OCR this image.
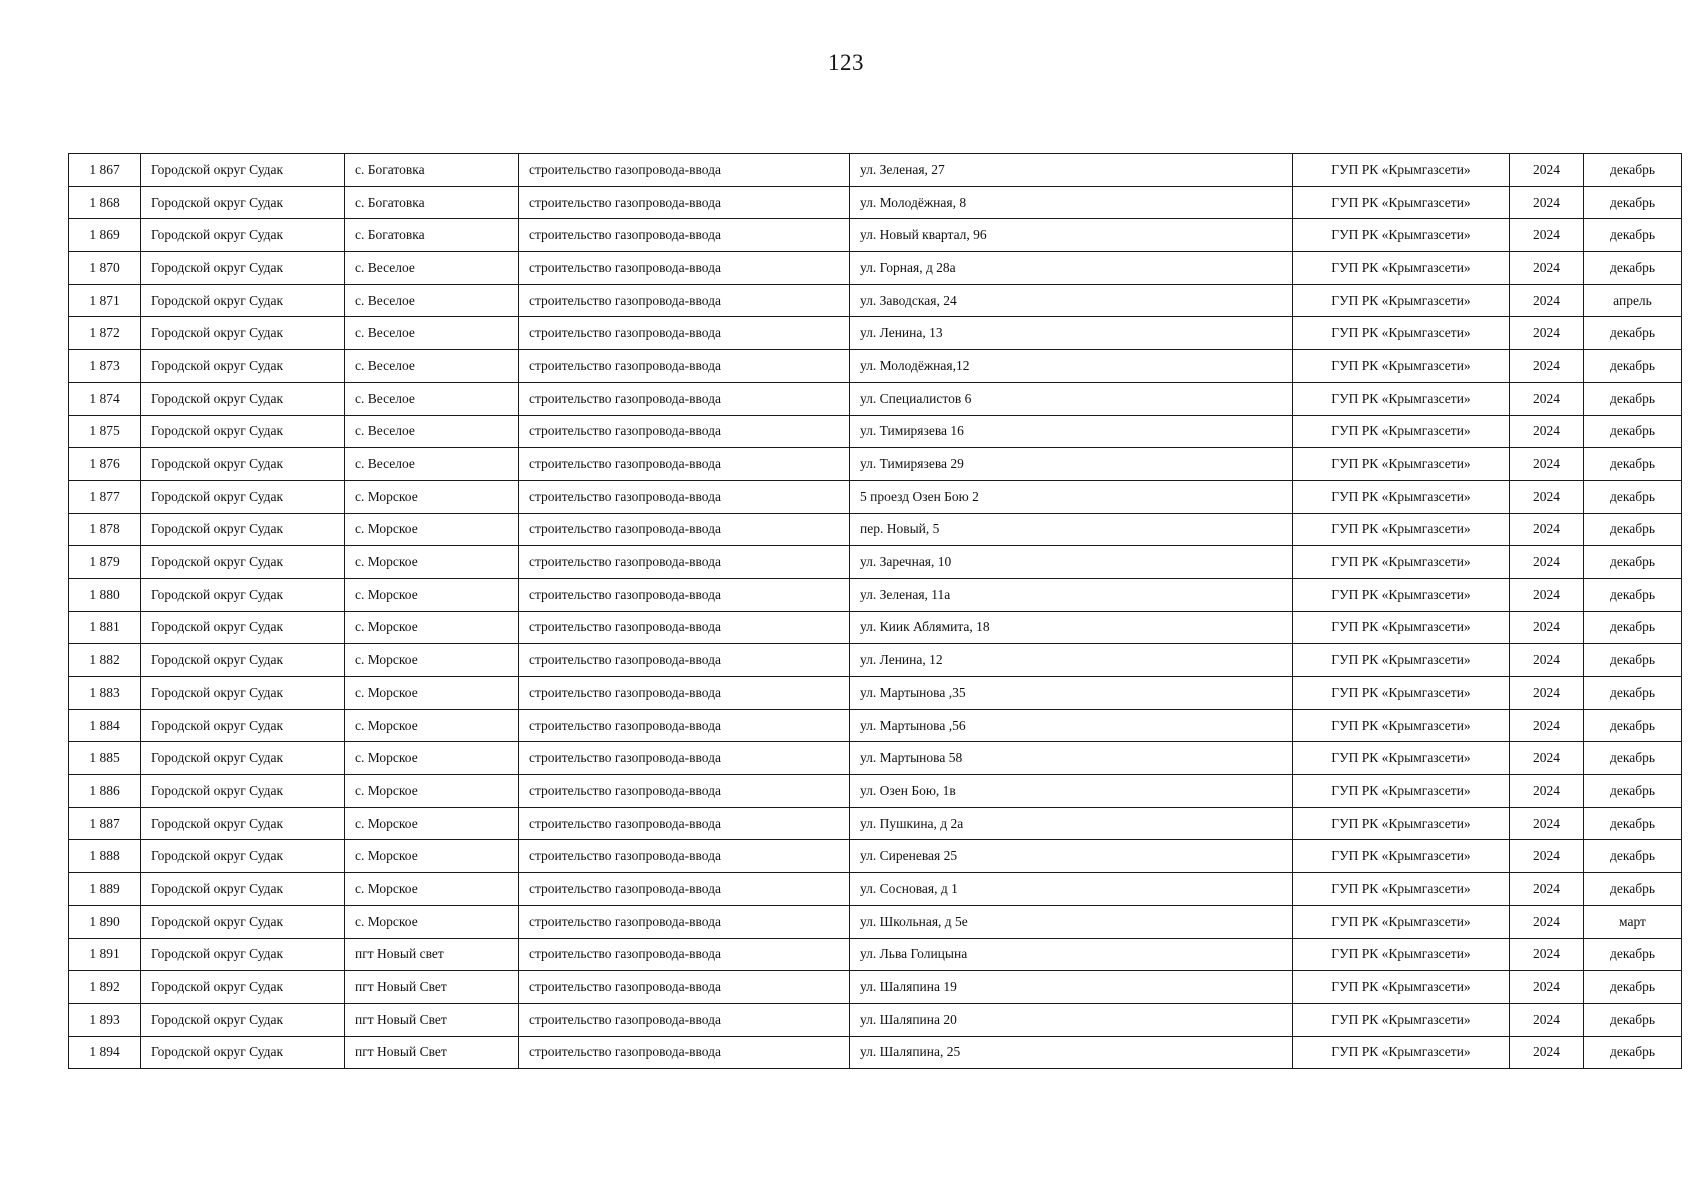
123
1 867	Городской округ Судак	с. Богатовка	строительство газопровода-ввода	ул. Зеленая, 27	ГУП РК «Крымгазсети»	2024	декабрь
1 868	Городской округ Судак	с. Богатовка	строительство газопровода-ввода	ул. Молодёжная, 8	ГУП РК «Крымгазсети»	2024	декабрь
1 869	Городской округ Судак	с. Богатовка	строительство газопровода-ввода	ул. Новый квартал, 96	ГУП РК «Крымгазсети»	2024	декабрь
1 870	Городской округ Судак	с. Веселое	строительство газопровода-ввода	ул. Горная, д 28а	ГУП РК «Крымгазсети»	2024	декабрь
1 871	Городской округ Судак	с. Веселое	строительство газопровода-ввода	ул. Заводская, 24	ГУП РК «Крымгазсети»	2024	апрель
1 872	Городской округ Судак	с. Веселое	строительство газопровода-ввода	ул. Ленина, 13	ГУП РК «Крымгазсети»	2024	декабрь
1 873	Городской округ Судак	с. Веселое	строительство газопровода-ввода	ул. Молодёжная,12	ГУП РК «Крымгазсети»	2024	декабрь
1 874	Городской округ Судак	с. Веселое	строительство газопровода-ввода	ул. Специалистов 6	ГУП РК «Крымгазсети»	2024	декабрь
1 875	Городской округ Судак	с. Веселое	строительство газопровода-ввода	ул. Тимирязева 16	ГУП РК «Крымгазсети»	2024	декабрь
1 876	Городской округ Судак	с. Веселое	строительство газопровода-ввода	ул. Тимирязева 29	ГУП РК «Крымгазсети»	2024	декабрь
1 877	Городской округ Судак	с. Морское	строительство газопровода-ввода	5 проезд Озен Бою 2	ГУП РК «Крымгазсети»	2024	декабрь
1 878	Городской округ Судак	с. Морское	строительство газопровода-ввода	пер. Новый, 5	ГУП РК «Крымгазсети»	2024	декабрь
1 879	Городской округ Судак	с. Морское	строительство газопровода-ввода	ул. Заречная, 10	ГУП РК «Крымгазсети»	2024	декабрь
1 880	Городской округ Судак	с. Морское	строительство газопровода-ввода	ул. Зеленая, 11а	ГУП РК «Крымгазсети»	2024	декабрь
1 881	Городской округ Судак	с. Морское	строительство газопровода-ввода	ул. Киик Аблямита, 18	ГУП РК «Крымгазсети»	2024	декабрь
1 882	Городской округ Судак	с. Морское	строительство газопровода-ввода	ул. Ленина, 12	ГУП РК «Крымгазсети»	2024	декабрь
1 883	Городской округ Судак	с. Морское	строительство газопровода-ввода	ул. Мартынова ,35	ГУП РК «Крымгазсети»	2024	декабрь
1 884	Городской округ Судак	с. Морское	строительство газопровода-ввода	ул. Мартынова ,56	ГУП РК «Крымгазсети»	2024	декабрь
1 885	Городской округ Судак	с. Морское	строительство газопровода-ввода	ул. Мартынова 58	ГУП РК «Крымгазсети»	2024	декабрь
1 886	Городской округ Судак	с. Морское	строительство газопровода-ввода	ул. Озен Бою, 1в	ГУП РК «Крымгазсети»	2024	декабрь
1 887	Городской округ Судак	с. Морское	строительство газопровода-ввода	ул. Пушкина, д 2а	ГУП РК «Крымгазсети»	2024	декабрь
1 888	Городской округ Судак	с. Морское	строительство газопровода-ввода	ул. Сиреневая 25	ГУП РК «Крымгазсети»	2024	декабрь
1 889	Городской округ Судак	с. Морское	строительство газопровода-ввода	ул. Сосновая, д 1	ГУП РК «Крымгазсети»	2024	декабрь
1 890	Городской округ Судак	с. Морское	строительство газопровода-ввода	ул. Школьная, д 5е	ГУП РК «Крымгазсети»	2024	март
1 891	Городской округ Судак	пгт Новый свет	строительство газопровода-ввода	ул. Льва Голицына	ГУП РК «Крымгазсети»	2024	декабрь
1 892	Городской округ Судак	пгт Новый Свет	строительство газопровода-ввода	ул. Шаляпина 19	ГУП РК «Крымгазсети»	2024	декабрь
1 893	Городской округ Судак	пгт Новый Свет	строительство газопровода-ввода	ул. Шаляпина 20	ГУП РК «Крымгазсети»	2024	декабрь
1 894	Городской округ Судак	пгт Новый Свет	строительство газопровода-ввода	ул. Шаляпина, 25	ГУП РК «Крымгазсети»	2024	декабрь
